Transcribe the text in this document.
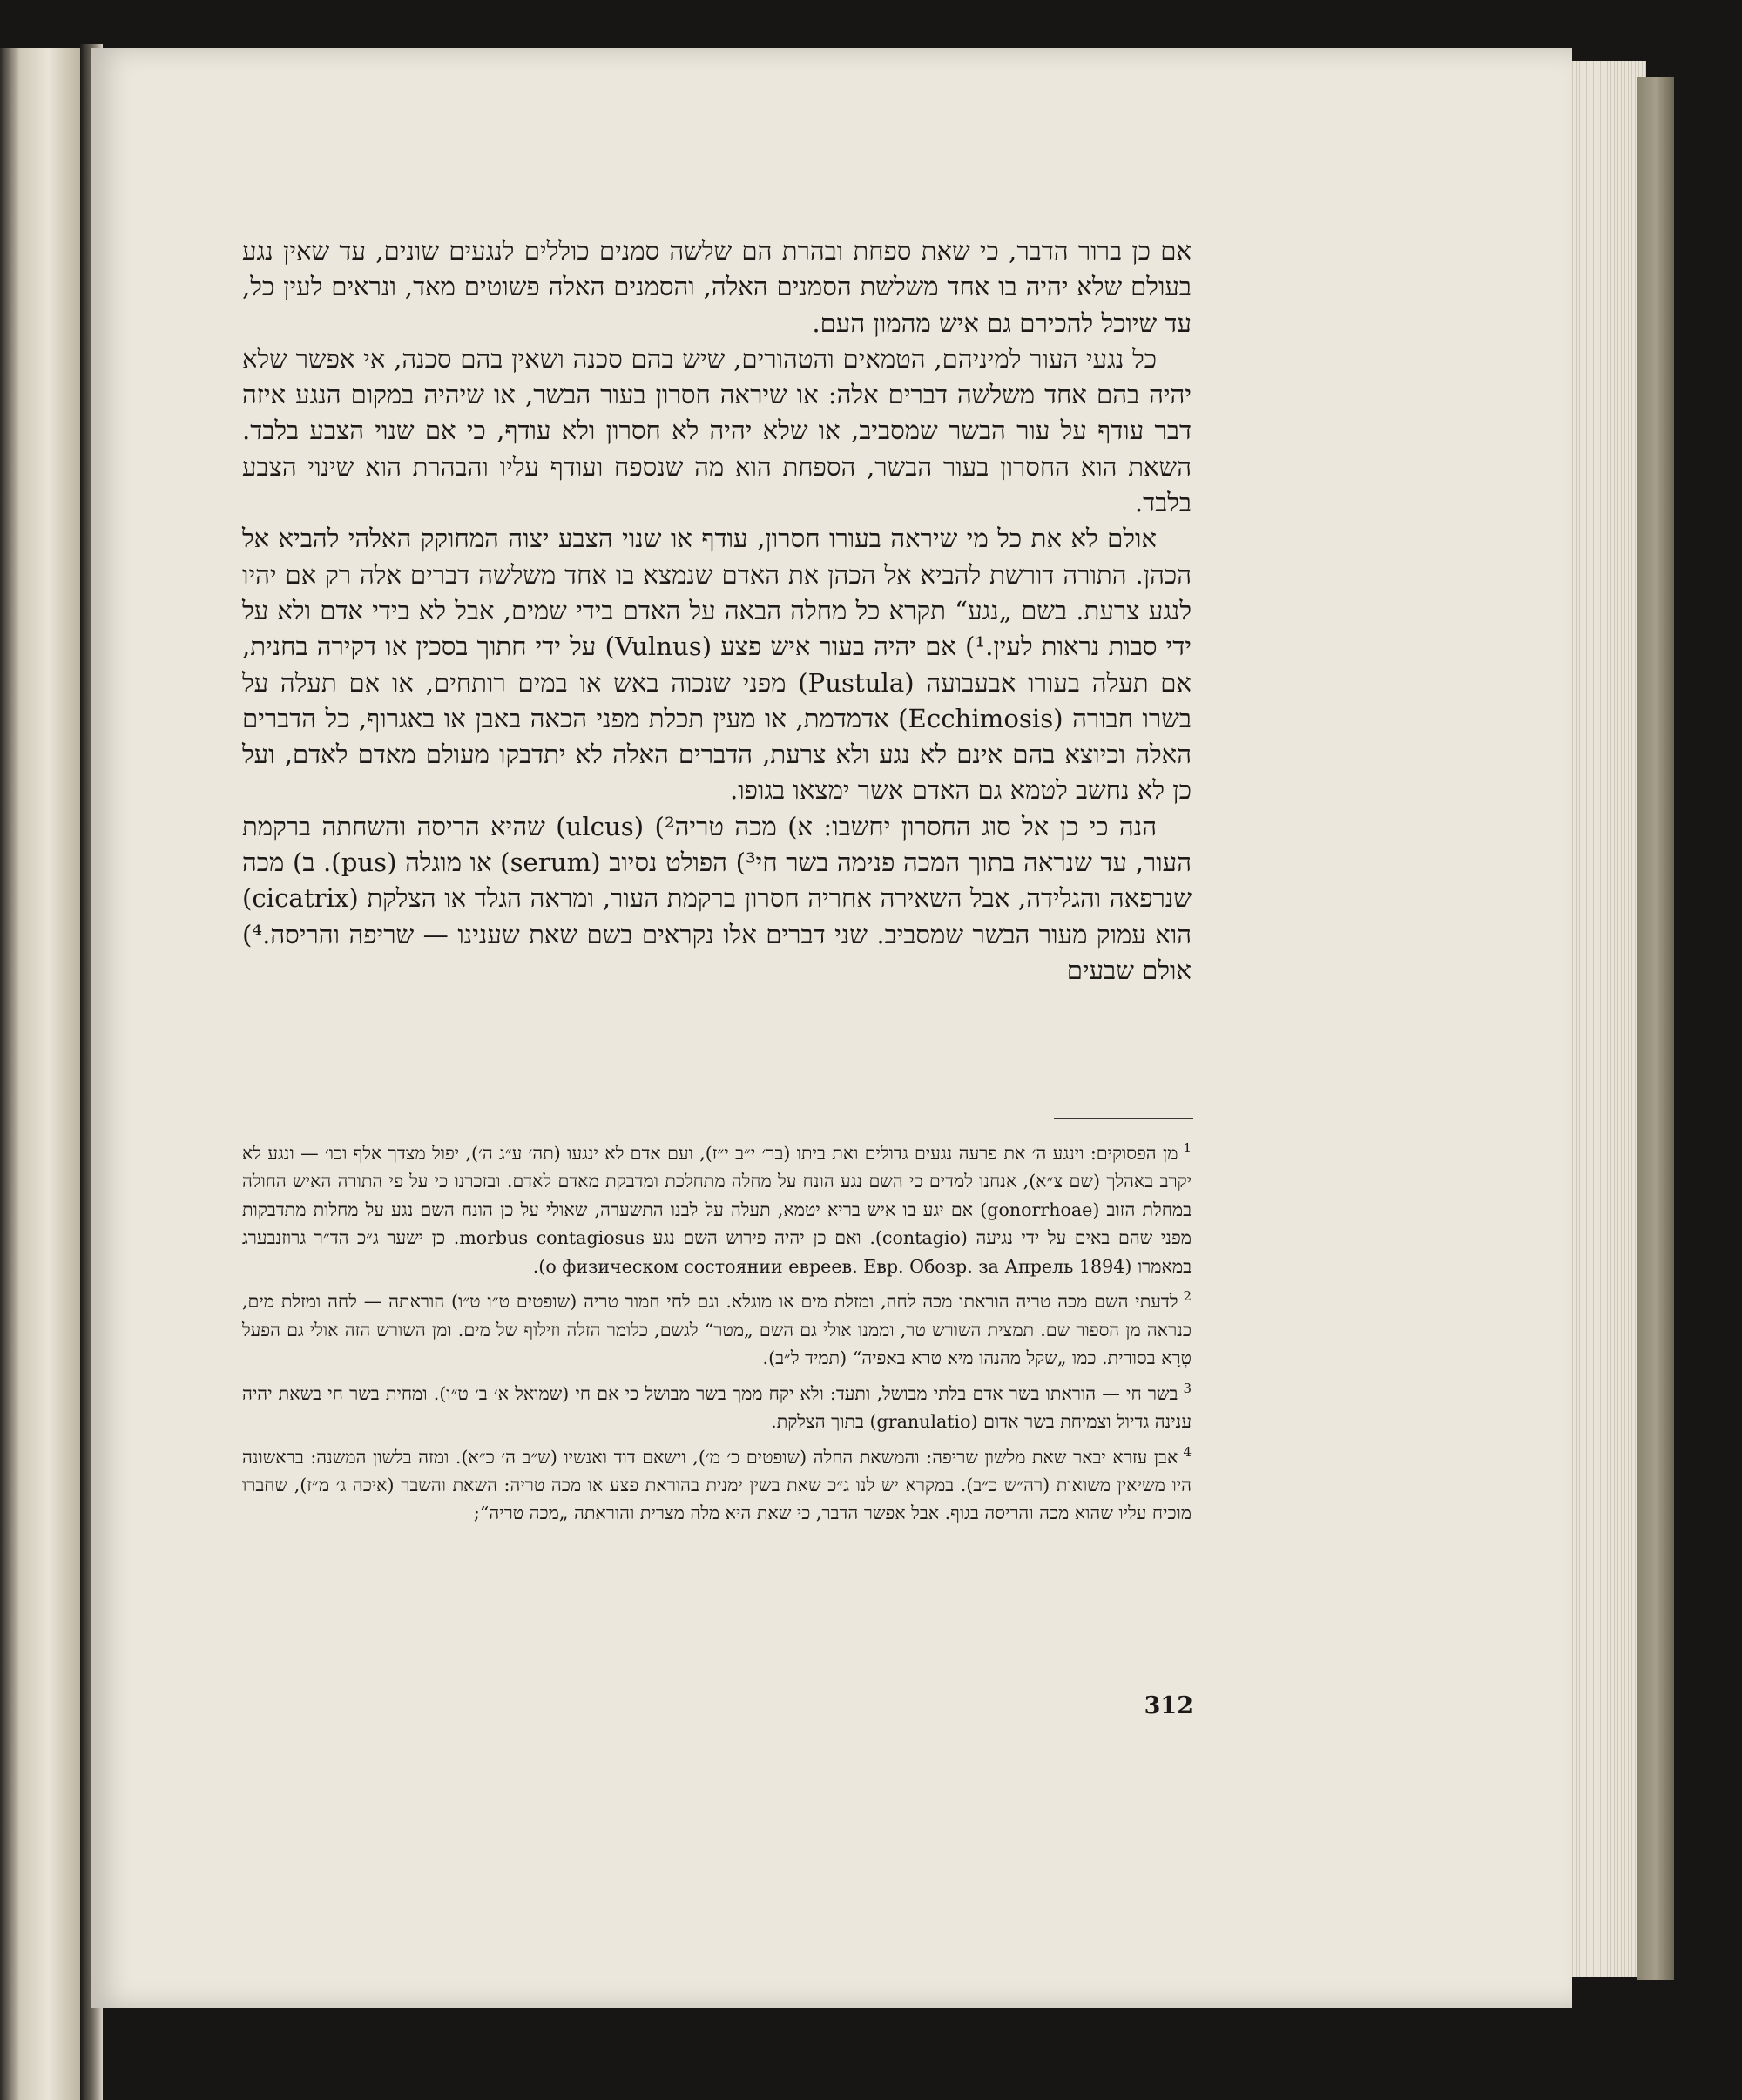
אם כן ברור הדבר, כי שאת ספחת ובהרת הם שלשה סמנים כוללים לנגעים שונים, עד שאין נגע בעולם שלא יהיה בו אחד משלשת הסמנים האלה, והסמנים האלה פשוטים מאד, ונראים לעין כל, עד שיוכל להכירם גם איש מהמון העם.

כל נגעי העור למיניהם, הטמאים והטהורים, שיש בהם סכנה ושאין בהם סכנה, אי אפשר שלא יהיה בהם אחד משלשה דברים אלה: או שיראה חסרון בעור הבשר, או שיהיה במקום הנגע איזה דבר עודף על עור הבשר שמסביב, או שלא יהיה לא חסרון ולא עודף, כי אם שנוי הצבע בלבד. השאת הוא החסרון בעור הבשר, הספחת הוא מה שנספח ועודף עליו והבהרת הוא שינוי הצבע בלבד.

אולם לא את כל מי שיראה בעורו חסרון, עודף או שנוי הצבע יצוה המחוקק האלהי להביא אל הכהן. התורה דורשת להביא אל הכהן את האדם שנמצא בו אחד משלשה דברים אלה רק אם יהיו לנגע צרעת. בשם „נגע“ תקרא כל מחלה הבאה על האדם בידי שמים, אבל לא בידי אדם ולא על ידי סבות נראות לעין.¹) אם יהיה בעור איש פצע (Vulnus) על ידי חתוך בסכין או דקירה בחנית, אם תעלה בעורו אבעבועה (Pustula) מפני שנכוה באש או במים רותחים, או אם תעלה על בשרו חבורה (Ecchimosis) אדמדמת, או מעין תכלת מפני הכאה באבן או באגרוף, כל הדברים האלה וכיוצא בהם אינם לא נגע ולא צרעת, הדברים האלה לא יתדבקו מעולם מאדם לאדם, ועל כן לא נחשב לטמא גם האדם אשר ימצאו בגופו.

הנה כי כן אל סוג החסרון יחשבו: א) מכה טריה²) (ulcus) שהיא הריסה והשחתה ברקמת העור, עד שנראה בתוך המכה פנימה בשר חי³) הפולט נסיוב (serum) או מוגלה (pus). ב) מכה שנרפאה והגלידה, אבל השאירה אחריה חסרון ברקמת העור, ומראה הגלד או הצלקת (cicatrix) הוא עמוק מעור הבשר שמסביב. שני דברים אלו נקראים בשם שאת שענינו — שריפה והריסה.⁴) אולם שבעים

$^1$מן הפסוקים: וינגע ה׳ את פרעה נגעים גדולים ואת ביתו (בר׳ י״ב י״ז), ועם אדם לא ינגעו (תה׳ ע״ג ה׳), יפול מצדך אלף וכו׳ — ונגע לא יקרב באהלך (שם צ״א), אנחנו למדים כי השם נגע הונח על מחלה מתחלכת ומדבקת מאדם לאדם. ובזכרנו כי על פי התורה האיש החולה במחלת הזוב (gonorrhoae) אם יגע בו איש בריא יטמא, תעלה על לבנו התשערה, שאולי על כן הונח השם נגע על מחלות מתדבקות מפני שהם באים על ידי נגיעה (contagio). ואם כן יהיה פירוש השם נגע morbus contagiosus. כן ישער ג״כ הד״ר גרוזנבערג במאמרו (о физическом состоянии евреев. Евр. Обозр. за Апрель 1894).

$^2$לדעתי השם מכה טריה הוראתו מכה לחה, ומזלת מים או מוגלא. וגם לחי חמור טריה (שופטים ט״ו ט״ו) הוראתה — לחה ומזלת מים, כנראה מן הספור שם. תמצית השורש טר, וממנו אולי גם השם „מטר“ לגשם, כלומר הזלה וזילוף של מים. ומן השורש הזה אולי גם הפעל טְרָא בסורית. כמו „שקל מהנהו מיא טרא באפיה“ (תמיד ל״ב).

$^3$בשר חי — הוראתו בשר אדם בלתי מבושל, ותעד: ולא יקח ממך בשר מבושל כי אם חי (שמואל א׳ ב׳ ט״ו). ומחית בשר חי בשאת יהיה ענינה גדיול וצמיחת בשר אדום (granulatio) בתוך הצלקת.

$^4$אבן עזרא יבאר שאת מלשון שריפה: והמשאת החלה (שופטים כ׳ מ׳), וישאם דוד ואנשיו (ש״ב ה׳ כ״א). ומזה בלשון המשנה: בראשונה היו משיאין משואות (רה״ש כ״ב). במקרא יש לנו ג״כ שאת בשין ימנית בהוראת פצע או מכה טריה: השאת והשבר (איכה ג׳ מ״ז), שחברו מוכיח עליו שהוא מכה והריסה בגוף. אבל אפשר הדבר, כי שאת היא מלה מצרית והוראתה „מכה טריה“;

312
